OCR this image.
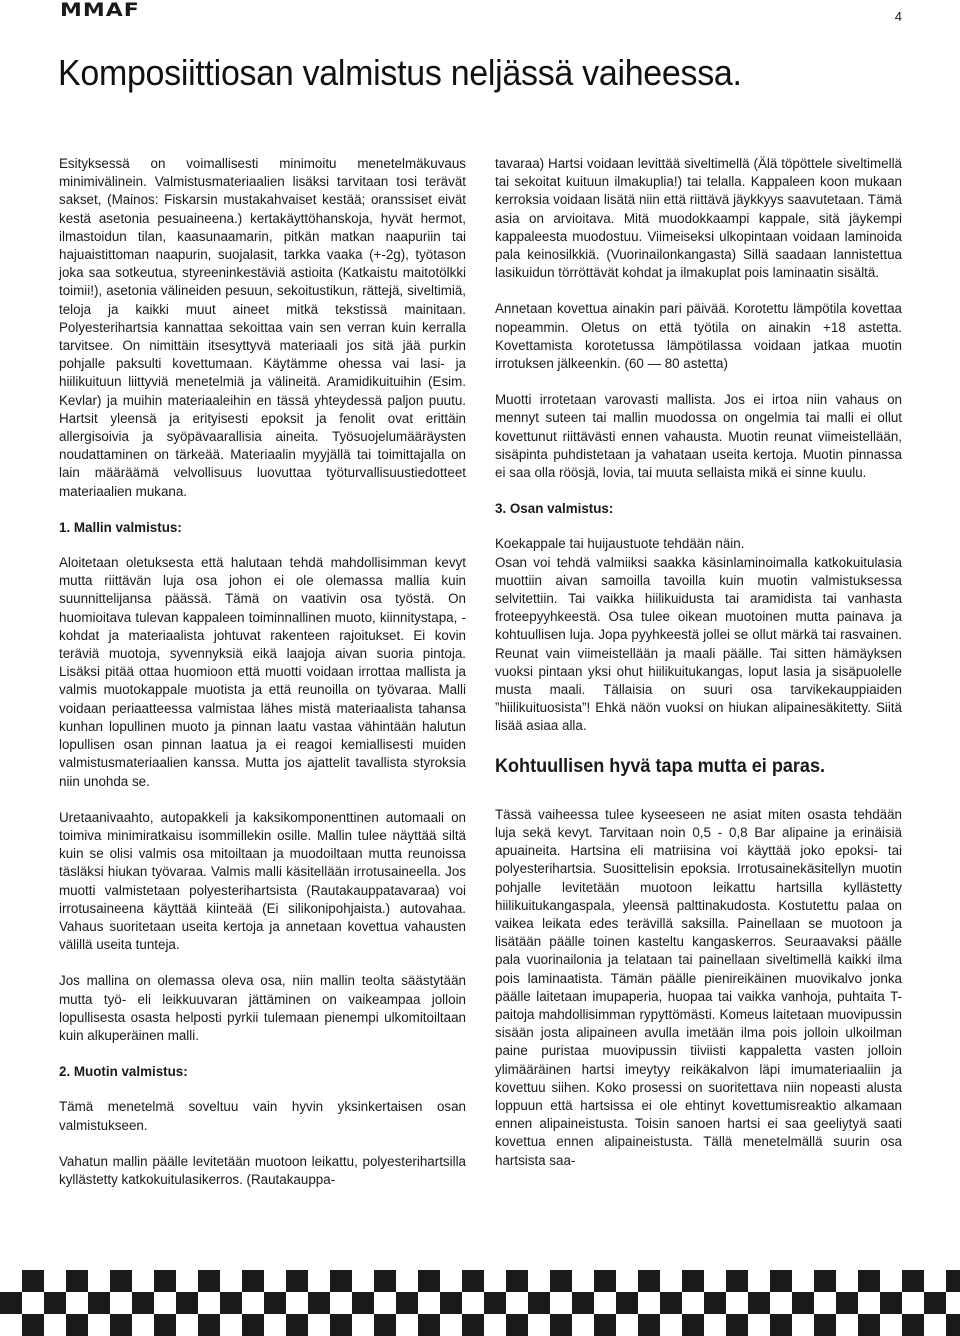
MMAF	4
Komposiittiosan valmistus neljässä vaiheessa.

Esityksessä on voimallisesti minimoitu menetelmäkuvaus minimivälinein. Valmistusmateriaalien lisäksi tarvitaan tosi terävät sakset, (Mainos: Fiskarsin mustakahvaiset kestää; oranssiset eivät kestä asetonia pesuaineena.) kertakäyttöhanskoja, hyvät hermot, ilmastoidun tilan, kaasunaamarin, pitkän matkan naapuriin tai hajuaistittoman naapurin, suojalasit, tarkka vaaka (+-2g), työtason joka saa sotkeutua, styreeninkestäviä astioita (Katkaistu maitotölkki toimii!), asetonia välineiden pesuun, sekoitustikun, rättejä, siveltimiä, teloja ja kaikki muut aineet mitkä tekstissä mainitaan. Polyesterihartsia kannattaa sekoittaa vain sen verran kuin kerralla tarvitsee. On nimittäin itsesyttyvä materiaali jos sitä jää purkin pohjalle paksulti kovettumaan. Käytämme ohessa vai lasi- ja hiilikuituun liittyviä menetelmiä ja välineitä. Aramidikuituihin (Esim. Kevlar) ja muihin materiaaleihin en tässä yhteydessä paljon puutu. Hartsit yleensä ja erityisesti epoksit ja fenolit ovat erittäin allergisoivia ja syöpävaarallisia aineita. Työsuojelumääräysten noudattaminen on tärkeää. Materiaalin myyjällä tai toimittajalla on lain määräämä velvollisuus luovuttaa työturvallisuustiedotteet materiaalien mukana.

1. Mallin valmistus:

Aloitetaan oletuksesta että halutaan tehdä mahdollisimman kevyt mutta riittävän luja osa johon ei ole olemassa mallia kuin suunnittelijansa päässä. Tämä on vaativin osa työstä. On huomioitava tulevan kappaleen toiminnallinen muoto, kiinnitystapa, -kohdat ja materiaalista johtuvat rakenteen rajoitukset. Ei kovin teräviä muotoja, syvennyksiä eikä laajoja aivan suoria pintoja. Lisäksi pitää ottaa huomioon että muotti voidaan irrottaa mallista ja valmis muotokappale muotista ja että reunoilla on työvaraa. Malli voidaan periaatteessa valmistaa lähes mistä materiaalista tahansa kunhan lopullinen muoto ja pinnan laatu vastaa vähintään halutun lopullisen osan pinnan laatua ja ei reagoi kemiallisesti muiden valmistusmateriaalien kanssa. Mutta jos ajattelit tavallista styroksia niin unohda se.

Uretaanivaahto, autopakkeli ja kaksikomponenttinen automaali on toimiva minimiratkaisu isommillekin osille. Mallin tulee näyttää siltä kuin se olisi valmis osa mitoiltaan ja muodoiltaan mutta reunoissa täsläksi hiukan työvaraa. Valmis malli käsitellään irrotusaineella. Jos muotti valmistetaan polyesterihartsista (Rautakauppatavaraa) voi irrotusaineena käyttää kiinteää (Ei silikonipohjaista.) autovahaa. Vahaus suoritetaan useita kertoja ja annetaan kovettua vahausten välillä useita tunteja.

Jos mallina on olemassa oleva osa, niin mallin teolta säästytään mutta työ- eli leikkuuvaran jättäminen on vaikeampaa jolloin lopullisesta osasta helposti pyrkii tulemaan pienempi ulkomitoiltaan kuin alkuperäinen malli.

2. Muotin valmistus:

Tämä menetelmä soveltuu vain hyvin yksinkertaisen osan valmistukseen.

Vahatun mallin päälle levitetään muotoon leikattu, polyesterihartsilla kyllästetty katkokuitulasikerros. (Rautakauppa-

tavaraa) Hartsi voidaan levittää siveltimellä (Älä töpöttele siveltimellä tai sekoitat kuituun ilmakuplia!) tai telalla. Kappaleen koon mukaan kerroksia voidaan lisätä niin että riittävä jäykkyys saavutetaan. Tämä asia on arvioitava. Mitä muodokkaampi kappale, sitä jäykempi kappaleesta muodostuu. Viimeiseksi ulkopintaan voidaan laminoida pala keinosilkkiä. (Vuorinailonkangasta) Sillä saadaan lannistettua lasikuidun törröttävät kohdat ja ilmakuplat pois laminaatin sisältä.

Annetaan kovettua ainakin pari päivää. Korotettu lämpötila kovettaa nopeammin. Oletus on että työtila on ainakin +18 astetta. Kovettamista korotetussa lämpötilassa voidaan jatkaa muotin irrotuksen jälkeenkin. (60 — 80 astetta)

Muotti irrotetaan varovasti mallista. Jos ei irtoa niin vahaus on mennyt suteen tai mallin muodossa on ongelmia tai malli ei ollut kovettunut riittävästi ennen vahausta. Muotin reunat viimeistellään, sisäpinta puhdistetaan ja vahataan useita kertoja. Muotin pinnassa ei saa olla röösjä, lovia, tai muuta sellaista mikä ei sinne kuulu.

3. Osan valmistus:

Koekappale tai huijaustuote tehdään näin.
Osan voi tehdä valmiiksi saakka käsinlaminoimalla katkokuitulasia muottiin aivan samoilla tavoilla kuin muotin valmistuksessa selvitettiin. Tai vaikka hiilikuidusta tai aramidista tai vanhasta froteepyyhkeestä. Osa tulee oikean muotoinen mutta painava ja kohtuullisen luja. Jopa pyyhkeestä jollei se ollut märkä tai rasvainen. Reunat vain viimeistellään ja maali päälle. Tai sitten hämäyksen vuoksi pintaan yksi ohut hiilikuitukangas, loput lasia ja sisäpuolelle musta maali. Tällaisia on suuri osa tarvikekauppiaiden ”hiilikuituosista”! Ehkä näön vuoksi on hiukan alipainesäkitetty. Siitä lisää asiaa alla.

Kohtuullisen hyvä tapa mutta ei paras.

Tässä vaiheessa tulee kyseeseen ne asiat miten osasta tehdään luja sekä kevyt. Tarvitaan noin 0,5 - 0,8 Bar alipaine ja erinäisiä apuaineita. Hartsina eli matriisina voi käyttää joko epoksi- tai polyesterihartsia. Suosittelisin epoksia. Irrotusainekäsitellyn muotin pohjalle levitetään muotoon leikattu hartsilla kyllästetty hiilikuitukangaspala, yleensä palttinakudosta. Kostutettu palaa on vaikea leikata edes terävillä saksilla. Painellaan se muotoon ja lisätään päälle toinen kasteltu kangaskerros. Seuraavaksi päälle pala vuorinailonia ja telataan tai painellaan siveltimellä kaikki ilma pois laminaatista. Tämän päälle pienireikäinen muovikalvo jonka päälle laitetaan imupaperia, huopaa tai vaikka vanhoja, puhtaita T-paitoja mahdollisimman rypyttömästi. Komeus laitetaan muovipussin sisään josta alipaineen avulla imetään ilma pois jolloin ulkoilman paine puristaa muovipussin tiiviisti kappaletta vasten jolloin ylimääräinen hartsi imeytyy reikäkalvon läpi imumateriaaliin ja kovettuu siihen. Koko prosessi on suoritettava niin nopeasti alusta loppuun että hartsissa ei ole ehtinyt kovettumisreaktio alkamaan ennen alipaineistusta. Toisin sanoen hartsi ei saa geeliytyä saati kovettua ennen alipaineistusta. Tällä menetelmällä suurin osa hartsista saa-
